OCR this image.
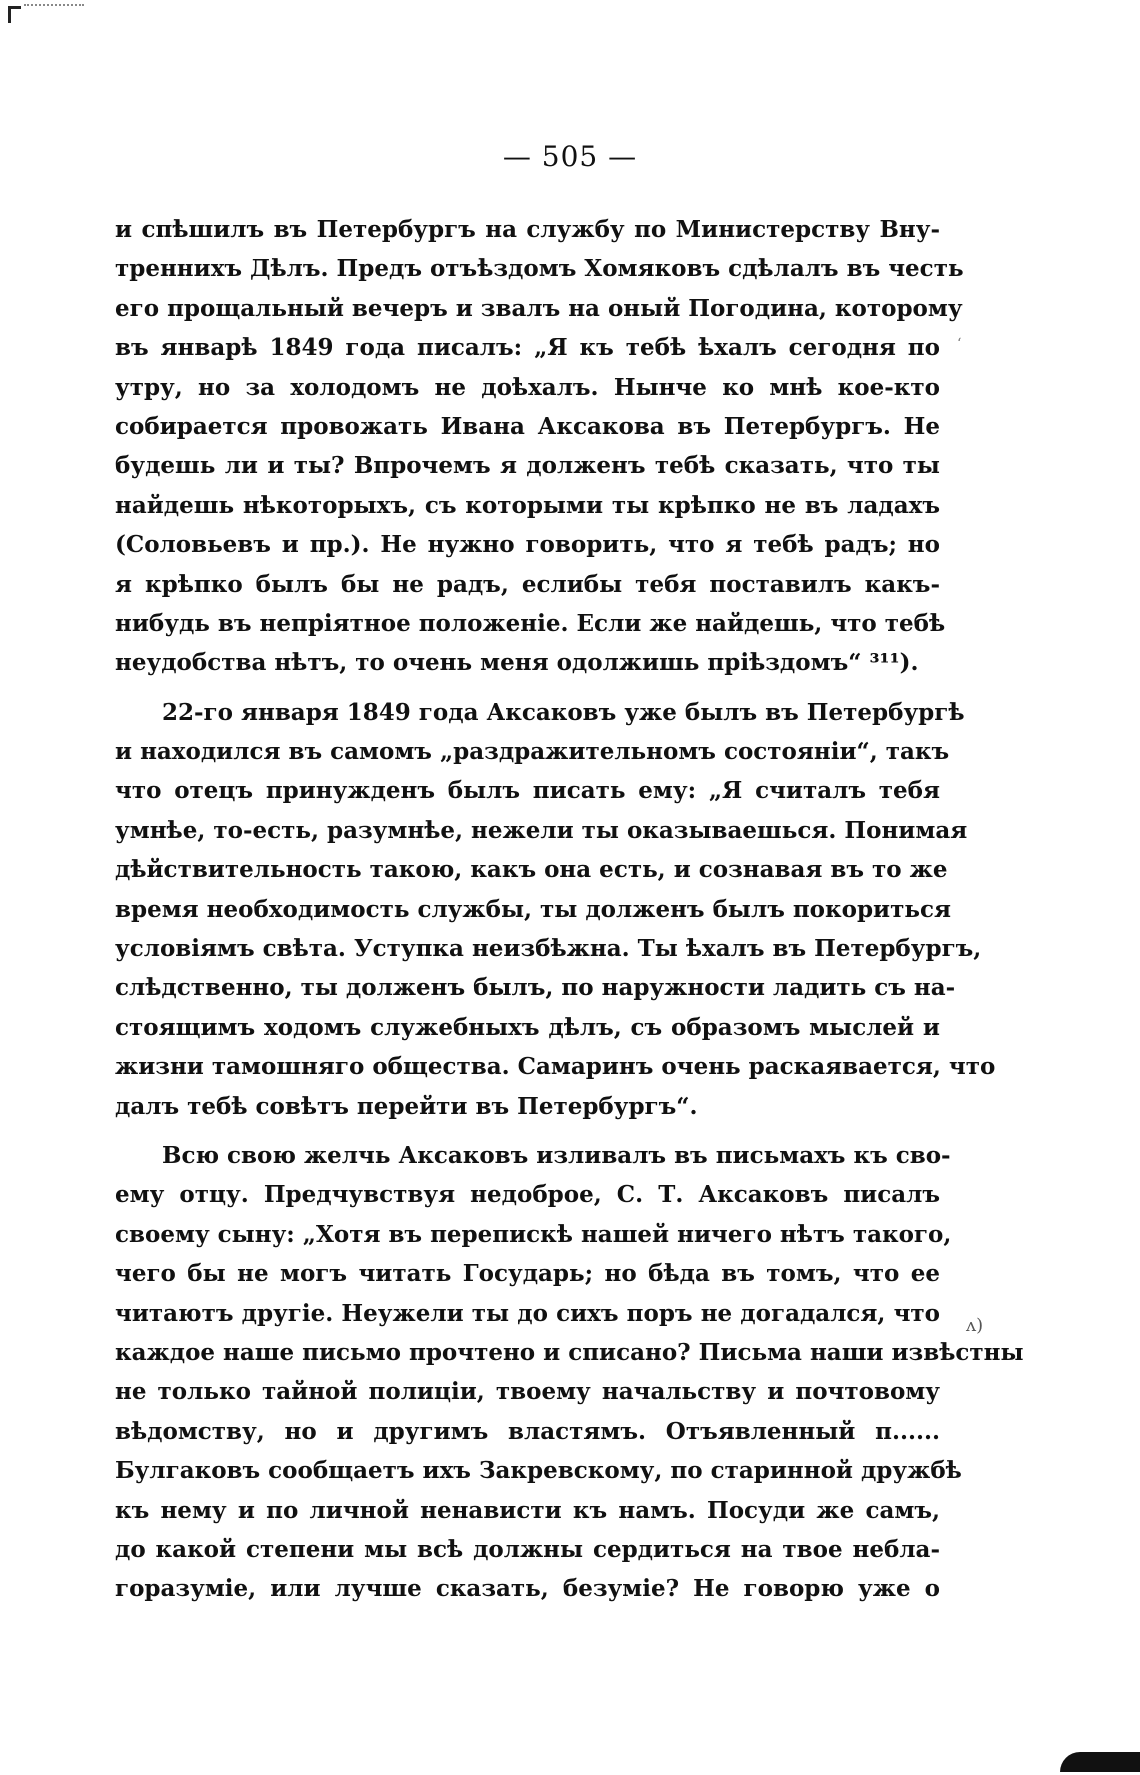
— 505 —
и спѣшилъ въ Петербургъ на службу по Министерству Вну-
треннихъ Дѣлъ. Предъ отъѣздомъ Хомяковъ сдѣлалъ въ честь
его прощальный вечеръ и звалъ на оный Погодина, которому
въ январѣ 1849 года писалъ: „Я къ тебѣ ѣхалъ сегодня по
утру, но за холодомъ не доѣхалъ. Нынче ко мнѣ кое-кто
собирается провожать Ивана Аксакова въ Петербургъ. Не
будешь ли и ты? Впрочемъ я долженъ тебѣ сказать, что ты
найдешь нѣкоторыхъ, съ которыми ты крѣпко не въ ладахъ
(Соловьевъ и пр.). Не нужно говорить, что я тебѣ радъ; но
я крѣпко былъ бы не радъ, еслибы тебя поставилъ какъ-
нибудь въ непріятное положеніе. Если же найдешь, что тебѣ
неудобства нѣтъ, то очень меня одолжишь пріѣздомъ“ ³¹¹).
22-го января 1849 года Аксаковъ уже былъ въ Петербургѣ
и находился въ самомъ „раздражительномъ состояніи“, такъ
что отецъ принужденъ былъ писать ему: „Я считалъ тебя
умнѣе, то-есть, разумнѣе, нежели ты оказываешься. Понимая
дѣйствительность такою, какъ она есть, и сознавая въ то же
время необходимость службы, ты долженъ былъ покориться
условіямъ свѣта. Уступка неизбѣжна. Ты ѣхалъ въ Петербургъ,
слѣдственно, ты долженъ былъ, по наружности ладить съ на-
стоящимъ ходомъ служебныхъ дѣлъ, съ образомъ мыслей и
жизни тамошняго общества. Самаринъ очень раскаявается, что
далъ тебѣ совѣтъ перейти въ Петербургъ“.
Всю свою желчь Аксаковъ изливалъ въ письмахъ къ сво-
ему отцу. Предчувствуя недоброе, С. Т. Аксаковъ писалъ
своему сыну: „Хотя въ перепискѣ нашей ничего нѣтъ такого,
чего бы не могъ читать Государь; но бѣда въ томъ, что ее
читаютъ другіе. Неужели ты до сихъ поръ не догадался, что
каждое наше письмо прочтено и списано? Письма наши извѣстны
не только тайной полиціи, твоему начальству и почтовому
вѣдомству, но и другимъ властямъ. Отъявленный п......
Булгаковъ сообщаетъ ихъ Закревскому, по старинной дружбѣ
къ нему и по личной ненависти къ намъ. Посуди же самъ,
до какой степени мы всѣ должны сердиться на твое небла-
горазуміе, или лучше сказать, безуміе? Не говорю уже о
ʻ
ʌ)
